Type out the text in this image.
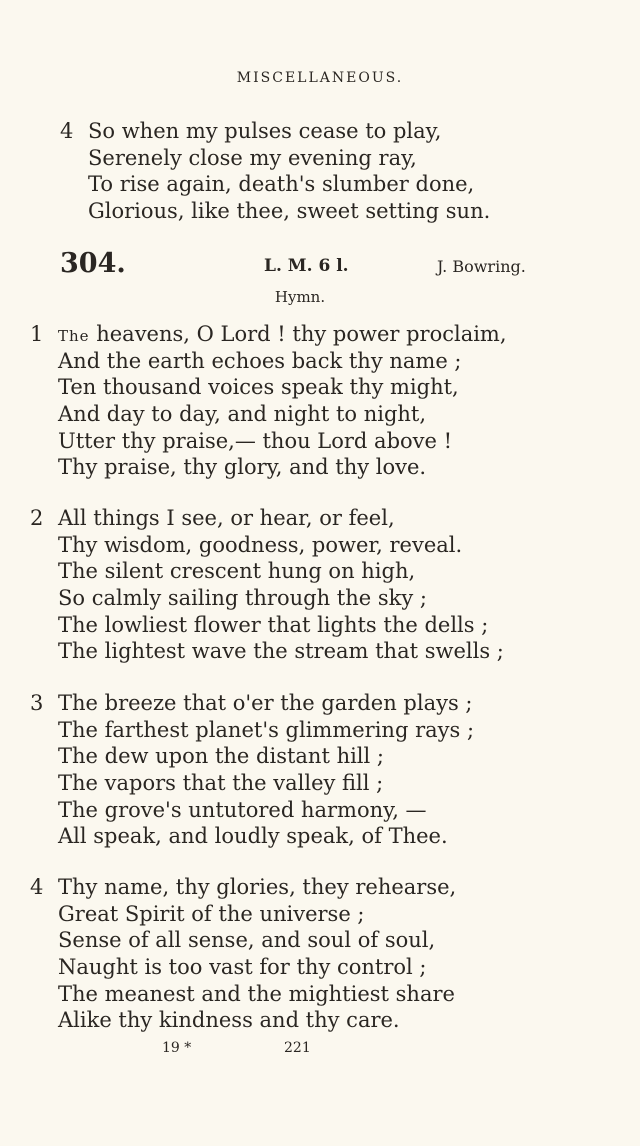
MISCELLANEOUS.
4 So when my pulses cease to play,
Serenely close my evening ray,
To rise again, death's slumber done,
Glorious, like thee, sweet setting sun.
304.	L. M. 6 l.	J. Bowring.
Hymn.
1 The heavens, O Lord ! thy power proclaim,
And the earth echoes back thy name ;
Ten thousand voices speak thy might,
And day to day, and night to night,
Utter thy praise,— thou Lord above !
Thy praise, thy glory, and thy love.
2 All things I see, or hear, or feel,
Thy wisdom, goodness, power, reveal.
The silent crescent hung on high,
So calmly sailing through the sky ;
The lowliest flower that lights the dells ;
The lightest wave the stream that swells ;
3 The breeze that o'er the garden plays ;
The farthest planet's glimmering rays ;
The dew upon the distant hill ;
The vapors that the valley fill ;
The grove's untutored harmony, —
All speak, and loudly speak, of Thee.
4 Thy name, thy glories, they rehearse,
Great Spirit of the universe ;
Sense of all sense, and soul of soul,
Naught is too vast for thy control ;
The meanest and the mightiest share
Alike thy kindness and thy care.
19 *	221
